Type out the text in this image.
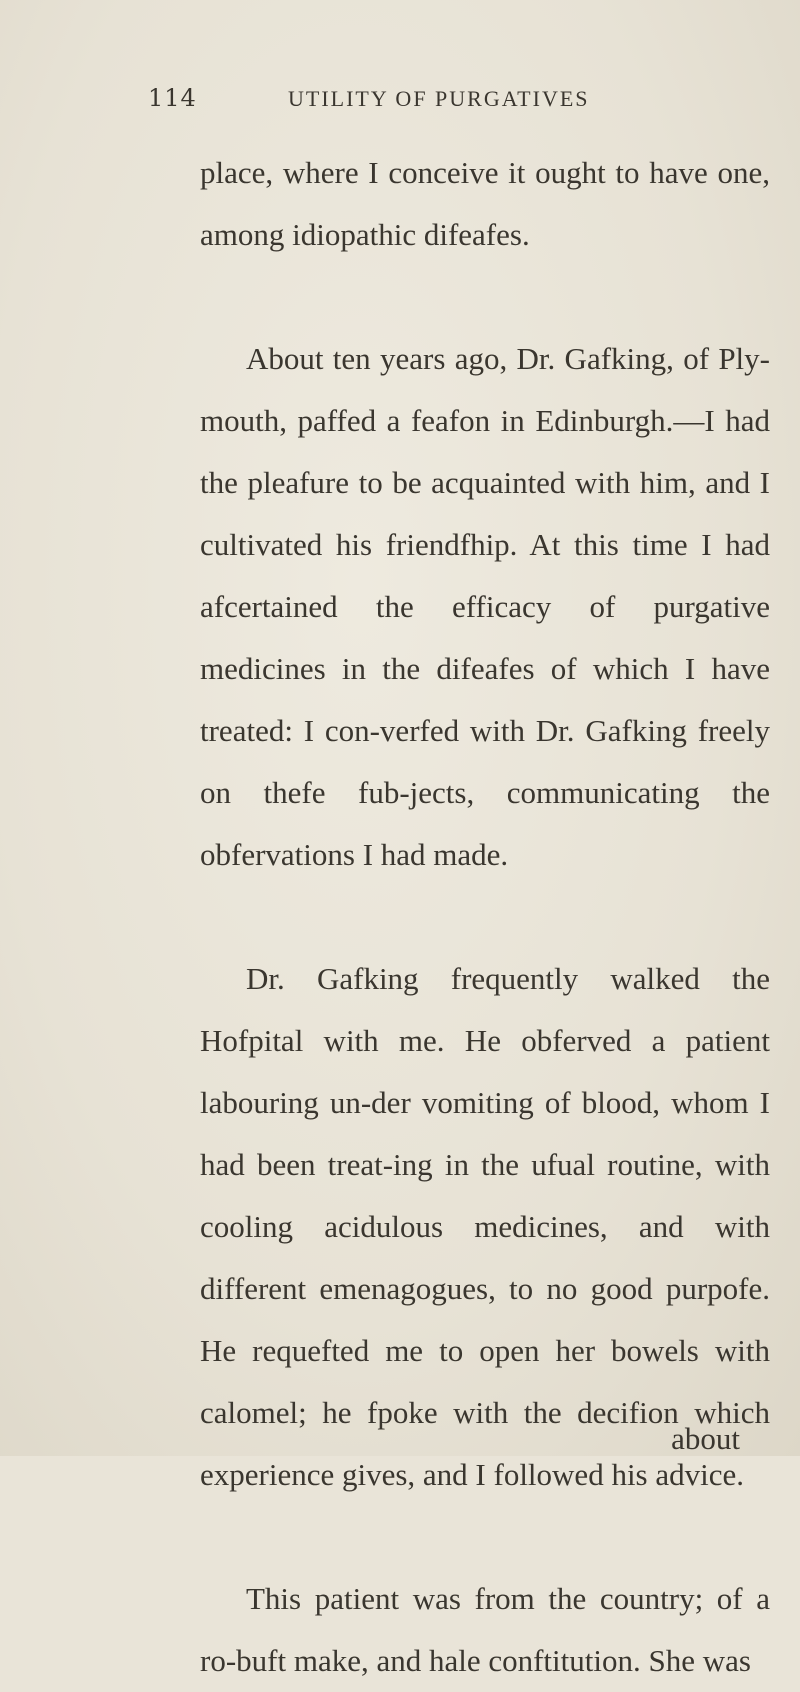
114	UTILITY OF PURGATIVES

place, where I conceive it ought to have one, among idiopathic difeafes.

About ten years ago, Dr. Gafking, of Ply-mouth, paffed a feafon in Edinburgh.—I had the pleafure to be acquainted with him, and I cultivated his friendfhip. At this time I had afcertained the efficacy of purgative medicines in the difeafes of which I have treated: I con-verfed with Dr. Gafking freely on thefe fub-jects, communicating the obfervations I had made.

Dr. Gafking frequently walked the Hofpital with me. He obferved a patient labouring un-der vomiting of blood, whom I had been treat-ing in the ufual routine, with cooling acidulous medicines, and with different emenagogues, to no good purpofe. He requefted me to open her bowels with calomel; he fpoke with the decifion which experience gives, and I followed his advice.

This patient was from the country; of a ro-buft make, and hale conftitution. She was

about
